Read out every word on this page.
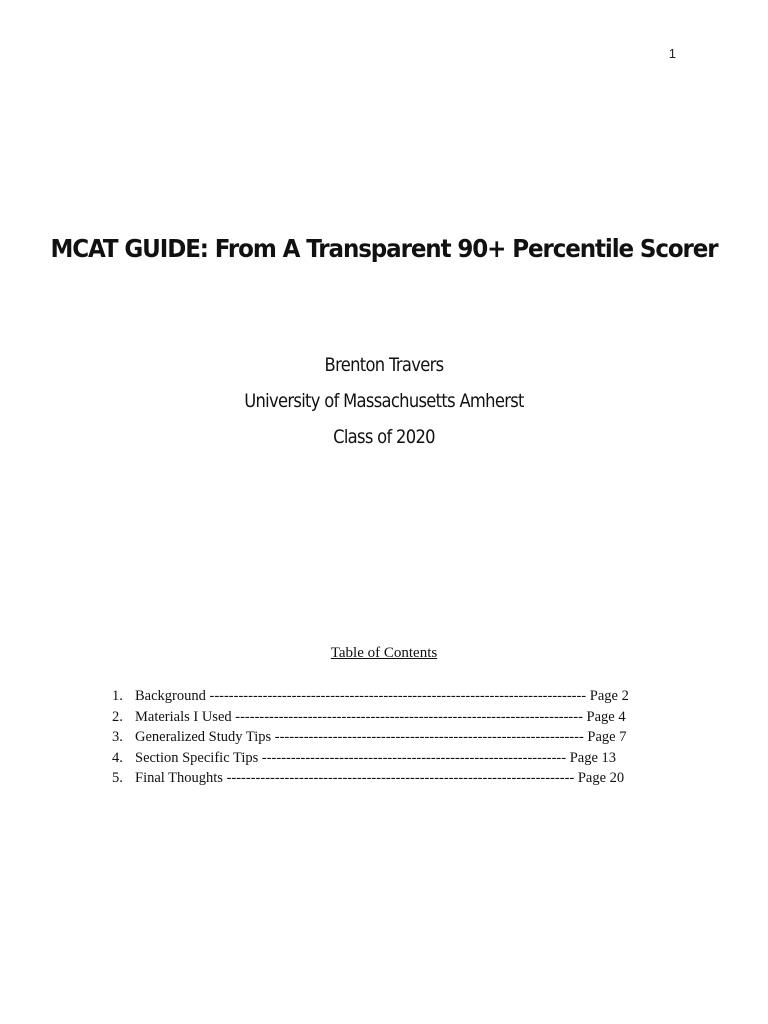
1
MCAT GUIDE: From A Transparent 90+ Percentile Scorer
Brenton Travers
University of Massachusetts Amherst
Class of 2020
Table of Contents
1. Background ------------------------------------------------------------------------------ Page 2
2. Materials I Used ------------------------------------------------------------------------ Page 4
3. Generalized Study Tips ---------------------------------------------------------------- Page 7
4. Section Specific Tips --------------------------------------------------------------- Page 13
5. Final Thoughts ------------------------------------------------------------------------ Page 20
